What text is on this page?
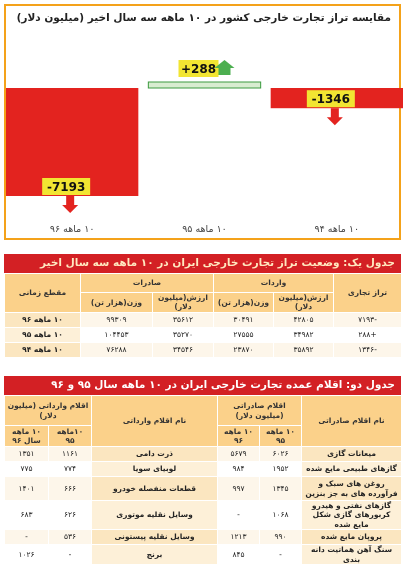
-7193
۱۰ ماهه ۹۶
+288
۱۰ ماهه ۹۵
-1346
۱۰ ماهه ۹۴
مقایسه تراز تجارت خارجی کشور در ۱۰ ماهه سه سال اخیر (میلیون دلار)
جدول یک: وضعیت تراز تجارت خارجی ایران در ۱۰ ماهه سه سال اخیر
تراز تجاری	واردات		صادرات		مقطع زمانی
	ارزش(میلیون دلار)	وزن(هزار تن)	ارزش(میلیون دلار)	وزن(هزار تن)	
-۷۱۹۳	۴۲۸۰۵	۳۰۴۹۱	۳۵۶۱۲	۹۹۳۰۹	۱۰ ماهه ۹۶
+۲۸۸	۳۴۹۸۲	۲۷۵۵۵	۳۵۲۷۰	۱۰۴۴۵۳	۱۰ ماهه ۹۵
-۱۳۴۶	۳۵۸۹۲	۲۳۸۷۰	۳۴۵۴۶	۷۶۲۸۸	۱۰ ماهه ۹۴
جدول دو: اقلام عمده تجارت خارجی ایران در ۱۰ ماهه سال ۹۵ و ۹۶
نام اقلام صادراتی	اقلام صادراتی (میلیون دلار)		نام اقلام وارداتی	اقلام وارداتی (میلیون دلار)	
	۱۰ ماهه ۹۵	۱۰ ماهه ۹۶		۱۰ماهه ۹۵	۱۰ ماهه سال ۹۶
میعانات گازی	۶۰۲۶	۵۶۷۹	ذرت دامی	۱۱۶۱	۱۳۵۱
گازهای طبیعی مایع شده	۱۹۵۲	۹۸۴	لوبیای سویا	۷۷۴	۷۷۵
روغن های سبک و فرآورده های به جز بنزین	۱۳۴۵	۹۹۷	قطعات منفصله خودرو	۶۶۶	۱۴۰۱
گازهای نفتی و هیدرو کربورهای گازی شکل مایع شده	۱۰۶۸	-	وسایل نقلیه موتوری	۶۲۶	۶۸۳
پروپان مایع شده	۹۹۰	۱۲۱۳	وسایل نقلیه پیستونی	۵۳۶	-
سنگ آهن هماتیت دانه بندی	-	۸۴۵	برنج	-	۱۰۲۶
